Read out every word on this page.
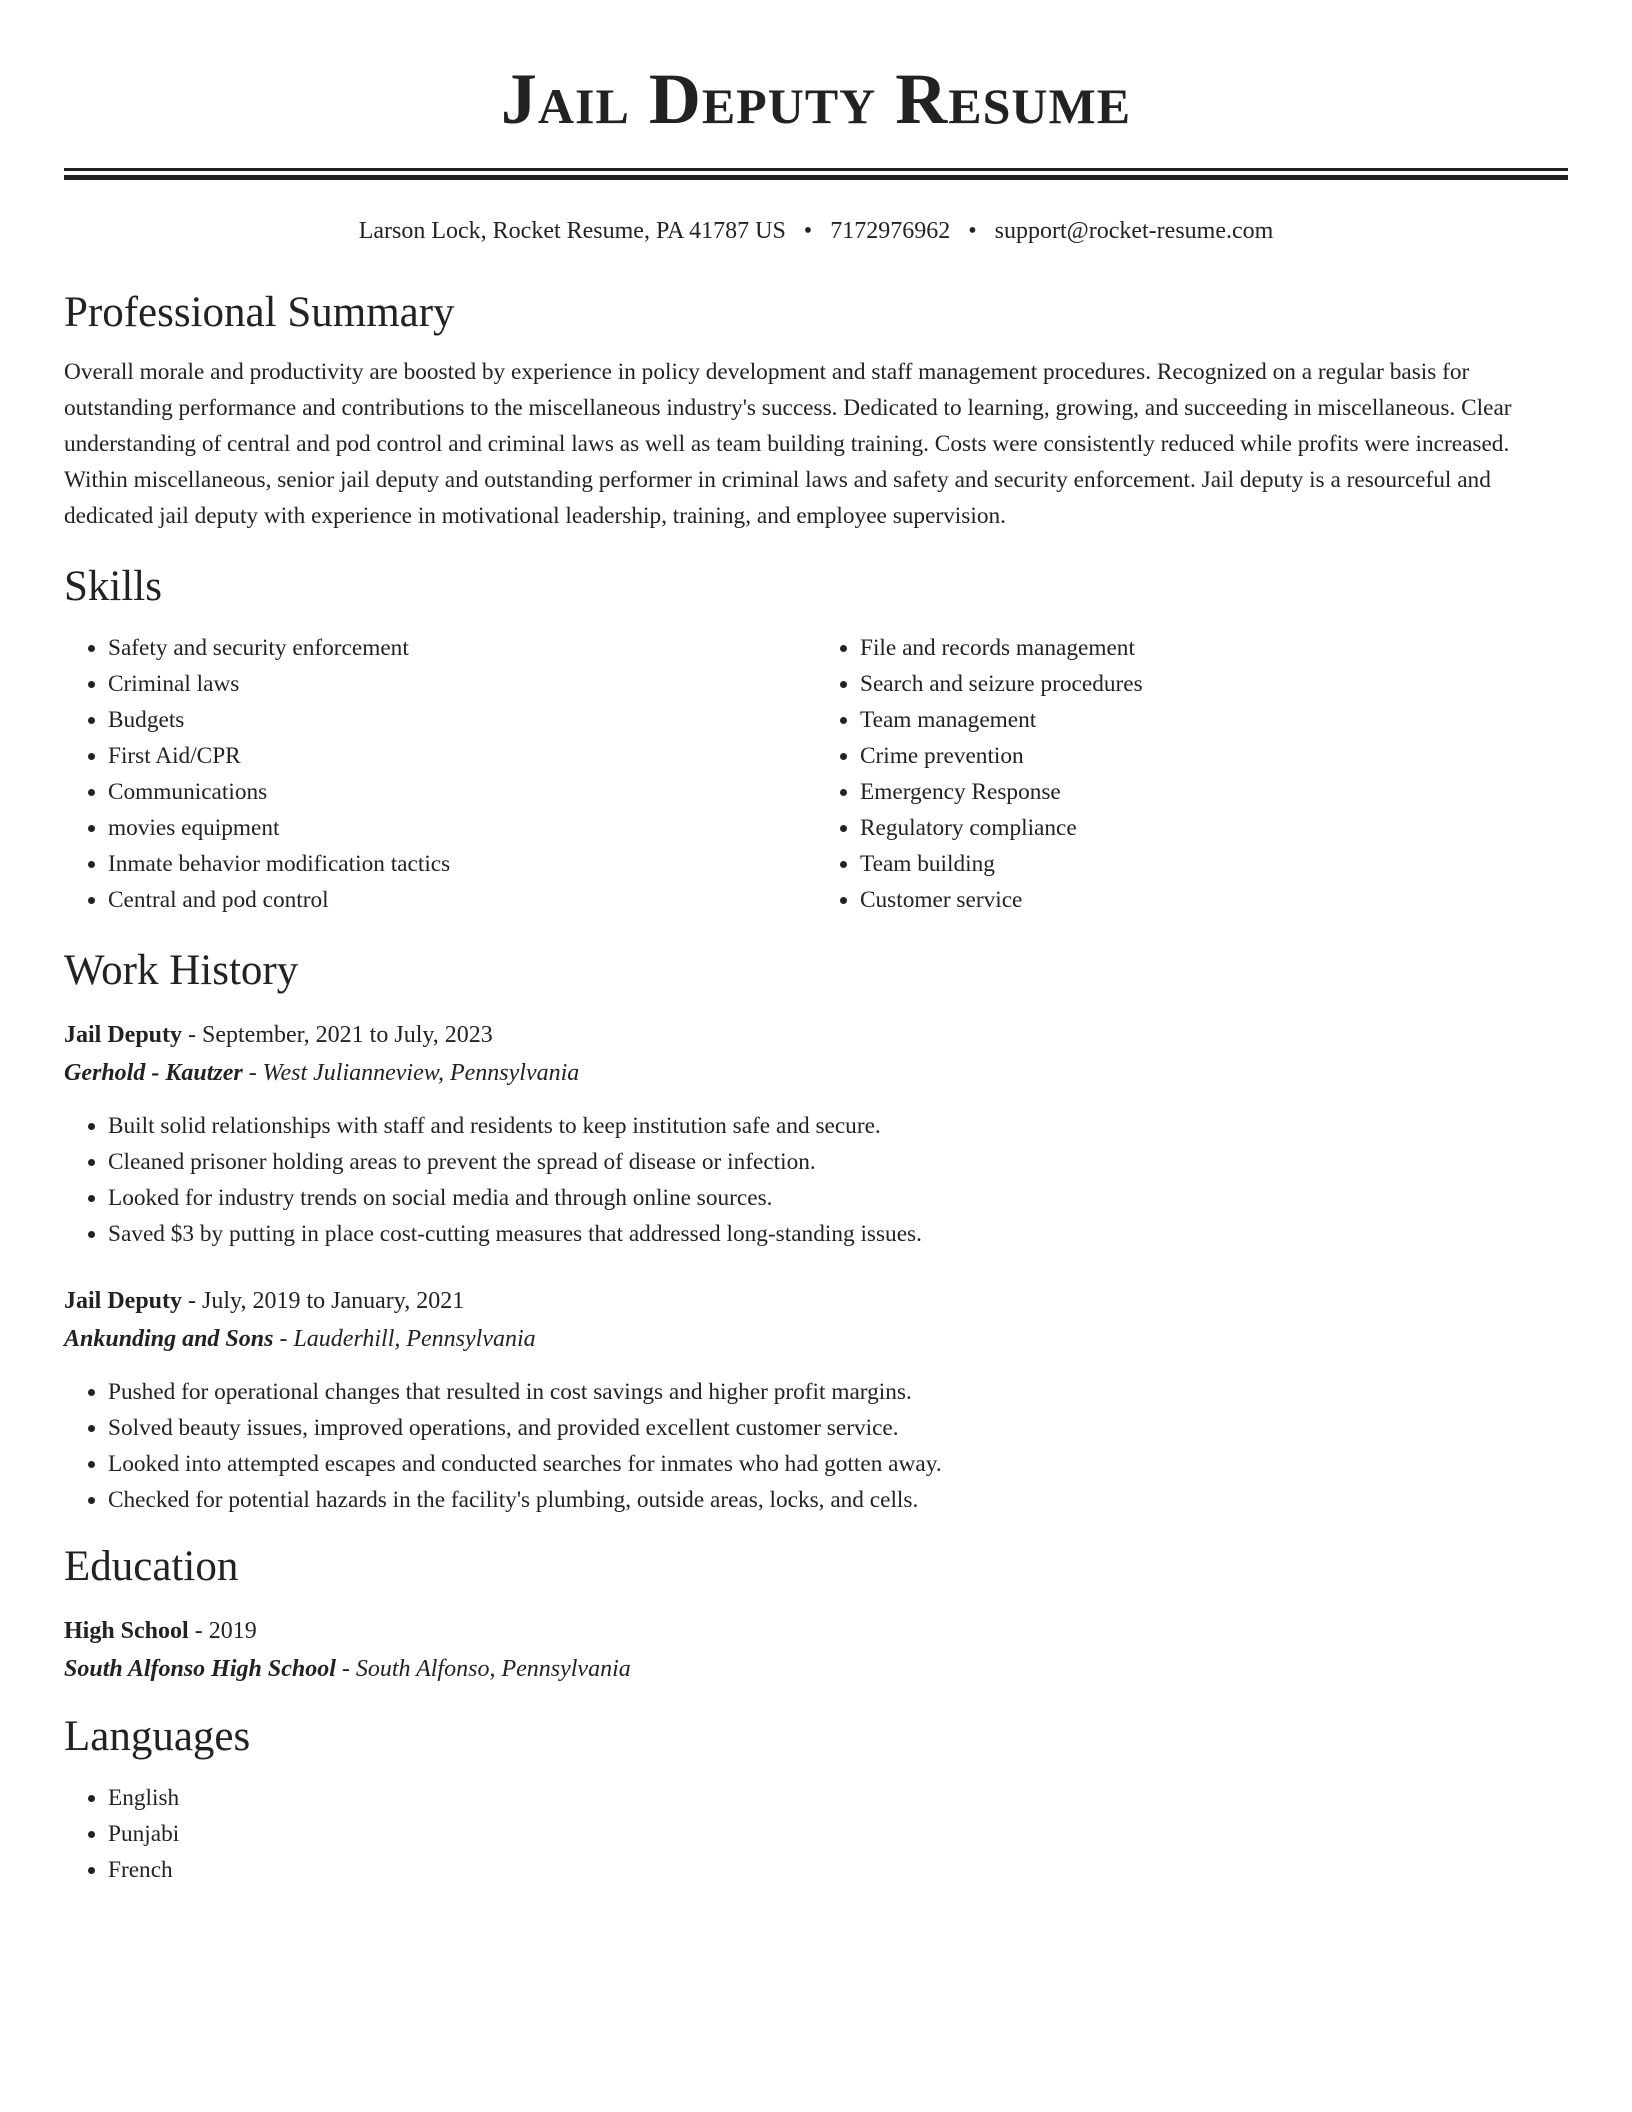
Jail Deputy Resume
Larson Lock, Rocket Resume, PA 41787 US • 7172976962 • support@rocket-resume.com
Professional Summary
Overall morale and productivity are boosted by experience in policy development and staff management procedures. Recognized on a regular basis for outstanding performance and contributions to the miscellaneous industry's success. Dedicated to learning, growing, and succeeding in miscellaneous. Clear understanding of central and pod control and criminal laws as well as team building training. Costs were consistently reduced while profits were increased. Within miscellaneous, senior jail deputy and outstanding performer in criminal laws and safety and security enforcement. Jail deputy is a resourceful and dedicated jail deputy with experience in motivational leadership, training, and employee supervision.
Skills
• Safety and security enforcement
• Criminal laws
• Budgets
• First Aid/CPR
• Communications
• movies equipment
• Inmate behavior modification tactics
• Central and pod control
• File and records management
• Search and seizure procedures
• Team management
• Crime prevention
• Emergency Response
• Regulatory compliance
• Team building
• Customer service
Work History
Jail Deputy - September, 2021 to July, 2023
Gerhold - Kautzer - West Julianneview, Pennsylvania
• Built solid relationships with staff and residents to keep institution safe and secure.
• Cleaned prisoner holding areas to prevent the spread of disease or infection.
• Looked for industry trends on social media and through online sources.
• Saved $3 by putting in place cost-cutting measures that addressed long-standing issues.
Jail Deputy - July, 2019 to January, 2021
Ankunding and Sons - Lauderhill, Pennsylvania
• Pushed for operational changes that resulted in cost savings and higher profit margins.
• Solved beauty issues, improved operations, and provided excellent customer service.
• Looked into attempted escapes and conducted searches for inmates who had gotten away.
• Checked for potential hazards in the facility's plumbing, outside areas, locks, and cells.
Education
High School - 2019
South Alfonso High School - South Alfonso, Pennsylvania
Languages
• English
• Punjabi
• French
